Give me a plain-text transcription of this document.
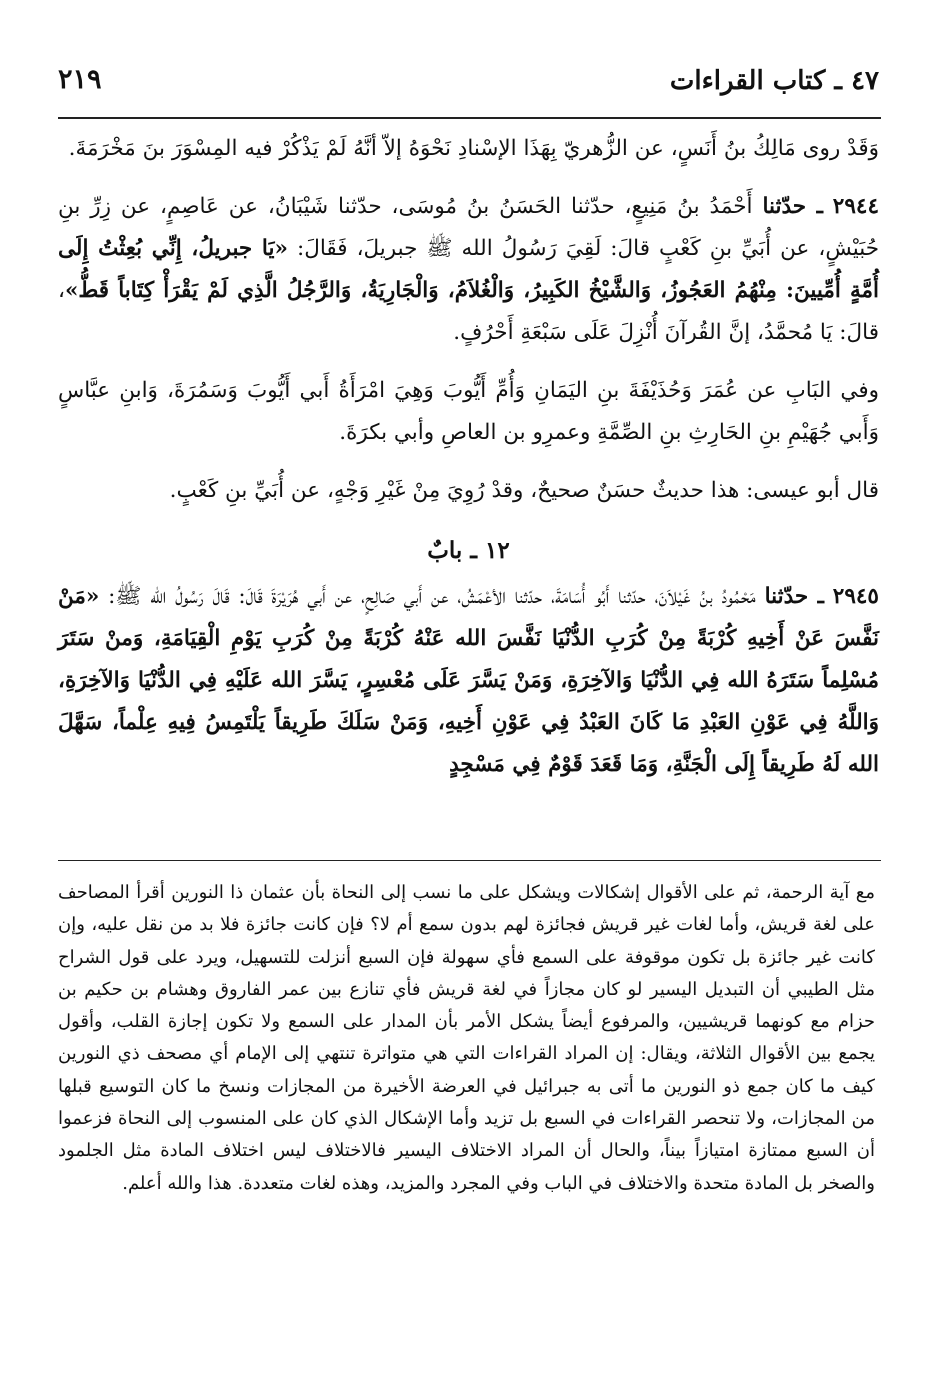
٤٧ ـ كتاب القراءات
٢١٩

وَقَدْ روى مَالِكُ بنُ أَنَسٍ، عن الزُّهريّ بِهَذَا الإسْنادِ نَحْوَهُ إلاّ أنَّهُ لَمْ يَذْكُرْ فيه المِسْوَرَ بنَ مَخْرَمَةَ.

٢٩٤٤ ـ حدّثنا أَحْمَدُ بنُ مَنِيعٍ، حدّثنا الحَسَنُ بنُ مُوسَى، حدّثنا شَيْبَانُ، عن عَاصِمٍ، عن زِرِّ بنِ حُبَيْشٍ، عن أُبَيِّ بنِ كَعْبٍ قالَ: لَقِيَ رَسُولُ الله ﷺ جبريلَ، فَقَالَ: «يَا جبريلُ، إِنِّي بُعِثْتُ إِلَى أُمَّةٍ أُمِّيينَ: مِنْهُمُ العَجُوزُ، وَالشَّيْخُ الكَبِيرُ، وَالْغُلاَمُ، وَالْجَارِيَةُ، وَالرَّجُلُ الَّذِي لَمْ يَقْرَأْ كِتَاباً قَطُّ»، قالَ: يَا مُحمَّدُ، إنَّ القُرآنَ أُنْزِلَ عَلَى سَبْعَةِ أَحْرُفٍ.

وفي البَابِ عن عُمَرَ وَحُذَيْفَةَ بنِ اليَمَانِ وَأُمِّ أَيُّوبَ وَهِيَ امْرَأَةُ أَبي أَيُّوبَ وَسَمُرَةَ، وَابنِ عبَّاسٍ وَأَبي جُهَيْمِ بنِ الحَارِثِ بنِ الصِّمَّةِ وعمرِو بن العاصِ وأبي بكرَةَ.

قال أبو عيسى: هذا حديثٌ حسَنٌ صحيحٌ، وقدْ رُوِيَ مِنْ غَيْرِ وَجْهٍ، عن أُبَيِّ بنِ كَعْبٍ.

١٢ ـ بابٌ

٢٩٤٥ ـ حدّثنا مَحْمُودُ بنُ غَيْلاَنَ، حدّثنا أَبُو أُسَامَةَ، حدّثنا الأعْمَشُ، عن أَبي صَالِحٍ، عن أَبي هُرَيْرَةَ قَالَ: قَالَ رَسُولُ الله ﷺ: «مَنْ نَفَّسَ عَنْ أَخِيهِ كُرْبَةً مِنْ كُرَبِ الدُّنْيَا نَفَّسَ الله عَنْهُ كُرْبَةً مِنْ كُرَبِ يَوْمِ الْقِيَامَةِ، وَمنْ سَتَرَ مُسْلِماً سَتَرَهُ الله فِي الدُّنْيَا وَالآخِرَةِ، وَمَنْ يَسَّرَ عَلَى مُعْسِرٍ، يَسَّرَ الله عَلَيْهِ فِي الدُّنْيَا وَالآخِرَةِ، وَاللَّهُ فِي عَوْنِ العَبْدِ مَا كَانَ العَبْدُ فِي عَوْنِ أَخِيهِ، وَمَنْ سَلَكَ طَرِيقاً يَلْتَمِسُ فِيهِ عِلْماً، سَهَّلَ الله لَهُ طَرِيقاً إِلَى الْجَنَّةِ، وَمَا قَعَدَ قَوْمٌ فِي مَسْجِدٍ

مع آية الرحمة، ثم على الأقوال إشكالات ويشكل على ما نسب إلى النحاة بأن عثمان ذا النورين أقرأ المصاحف على لغة قريش، وأما لغات غير قريش فجائزة لهم بدون سمع أم لا؟ فإن كانت جائزة فلا بد من نقل عليه، وإن كانت غير جائزة بل تكون موقوفة على السمع فأي سهولة فإن السبع أنزلت للتسهيل، ويرد على قول الشراح مثل الطيبي أن التبديل اليسير لو كان مجازاً في لغة قريش فأي تنازع بين عمر الفاروق وهشام بن حكيم بن حزام مع كونهما قريشيين، والمرفوع أيضاً يشكل الأمر بأن المدار على السمع ولا تكون إجازة القلب، وأقول يجمع بين الأقوال الثلاثة، ويقال: إن المراد القراءات التي هي متواترة تنتهي إلى الإمام أي مصحف ذي النورين كيف ما كان جمع ذو النورين ما أتى به جبرائيل في العرضة الأخيرة من المجازات ونسخ ما كان التوسيع قبلها من المجازات، ولا تنحصر القراءات في السبع بل تزيد وأما الإشكال الذي كان على المنسوب إلى النحاة فزعموا أن السبع ممتازة امتيازاً بيناً، والحال أن المراد الاختلاف اليسير فالاختلاف ليس اختلاف المادة مثل الجلمود والصخر بل المادة متحدة والاختلاف في الباب وفي المجرد والمزيد، وهذه لغات متعددة. هذا والله أعلم.
